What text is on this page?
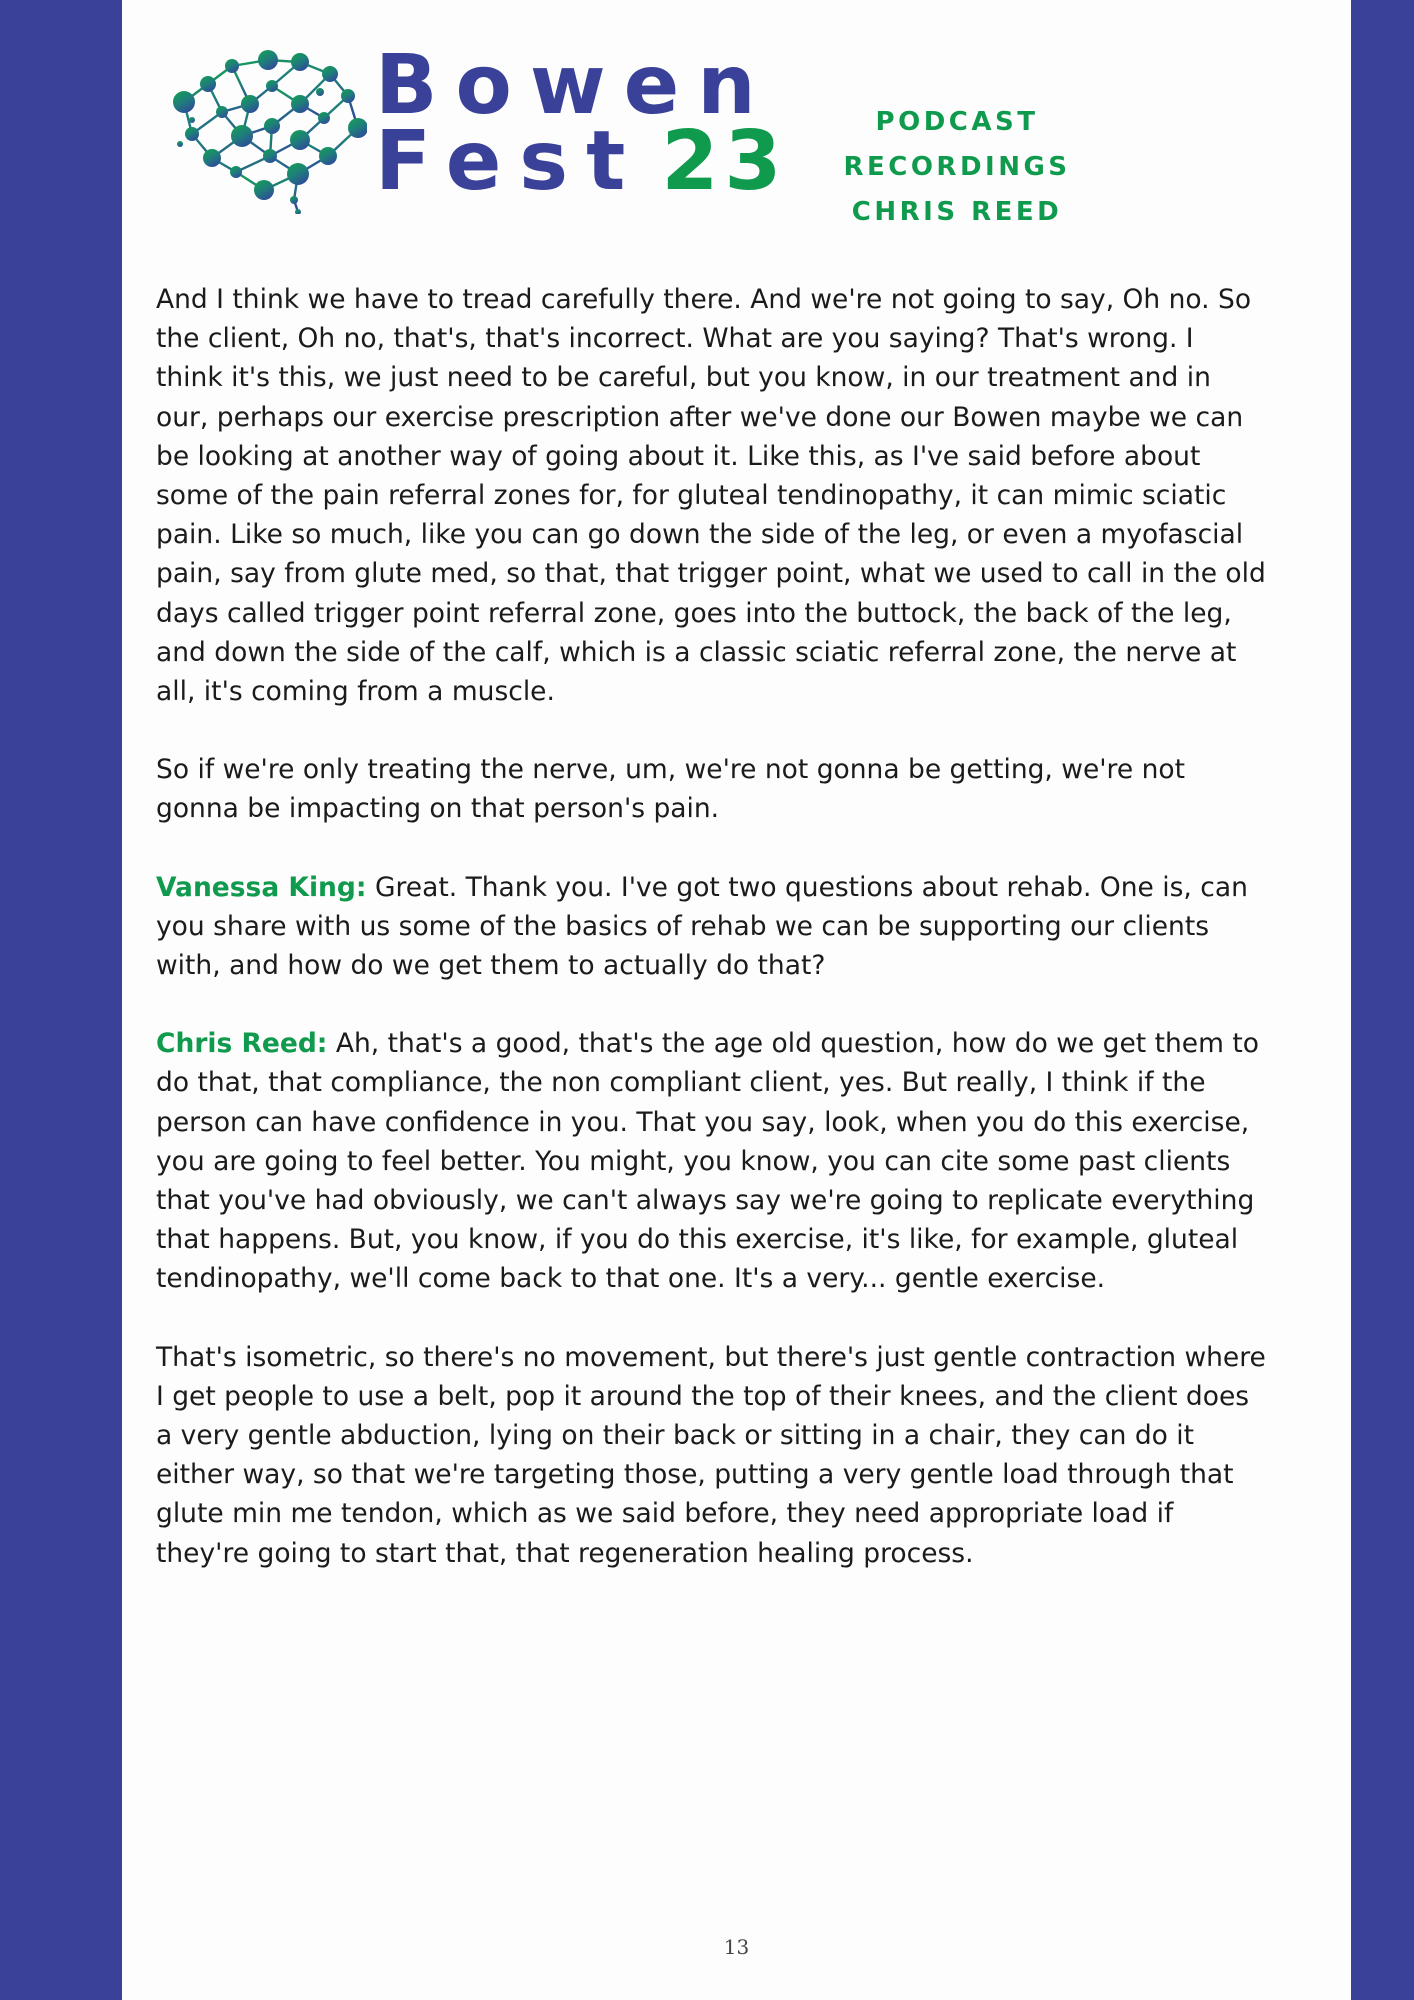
Bowen
Fest 23	PODCAST RECORDINGS
CHRIS REED

And I think we have to tread carefully there. And we're not going to say, Oh no. So the client, Oh no, that's, that's incorrect. What are you saying? That's wrong. I think it's this, we just need to be careful, but you know, in our treatment and in our, perhaps our exercise prescription after we've done our Bowen maybe we can be looking at another way of going about it. Like this, as I've said before about some of the pain referral zones for, for gluteal tendinopathy, it can mimic sciatic pain. Like so much, like you can go down the side of the leg, or even a myofascial pain, say from glute med, so that, that trigger point, what we used to call in the old days called trigger point referral zone, goes into the buttock, the back of the leg, and down the side of the calf, which is a classic sciatic referral zone, the nerve at all, it's coming from a muscle.

So if we're only treating the nerve, um, we're not gonna be getting, we're not gonna be impacting on that person's pain.

Vanessa King: Great. Thank you. I've got two questions about rehab. One is, can you share with us some of the basics of rehab we can be supporting our clients with, and how do we get them to actually do that?

Chris Reed: Ah, that's a good, that's the age old question, how do we get them to do that, that compliance, the non compliant client, yes. But really, I think if the person can have confidence in you. That you say, look, when you do this exercise, you are going to feel better. You might, you know, you can cite some past clients that you've had obviously, we can't always say we're going to replicate everything that happens. But, you know, if you do this exercise, it's like, for example, gluteal tendinopathy, we'll come back to that one. It's a very... gentle exercise.

That's isometric, so there's no movement, but there's just gentle contraction where I get people to use a belt, pop it around the top of their knees, and the client does a very gentle abduction, lying on their back or sitting in a chair, they can do it either way, so that we're targeting those, putting a very gentle load through that glute min me tendon, which as we said before, they need appropriate load if they're going to start that, that regeneration healing process.

13
